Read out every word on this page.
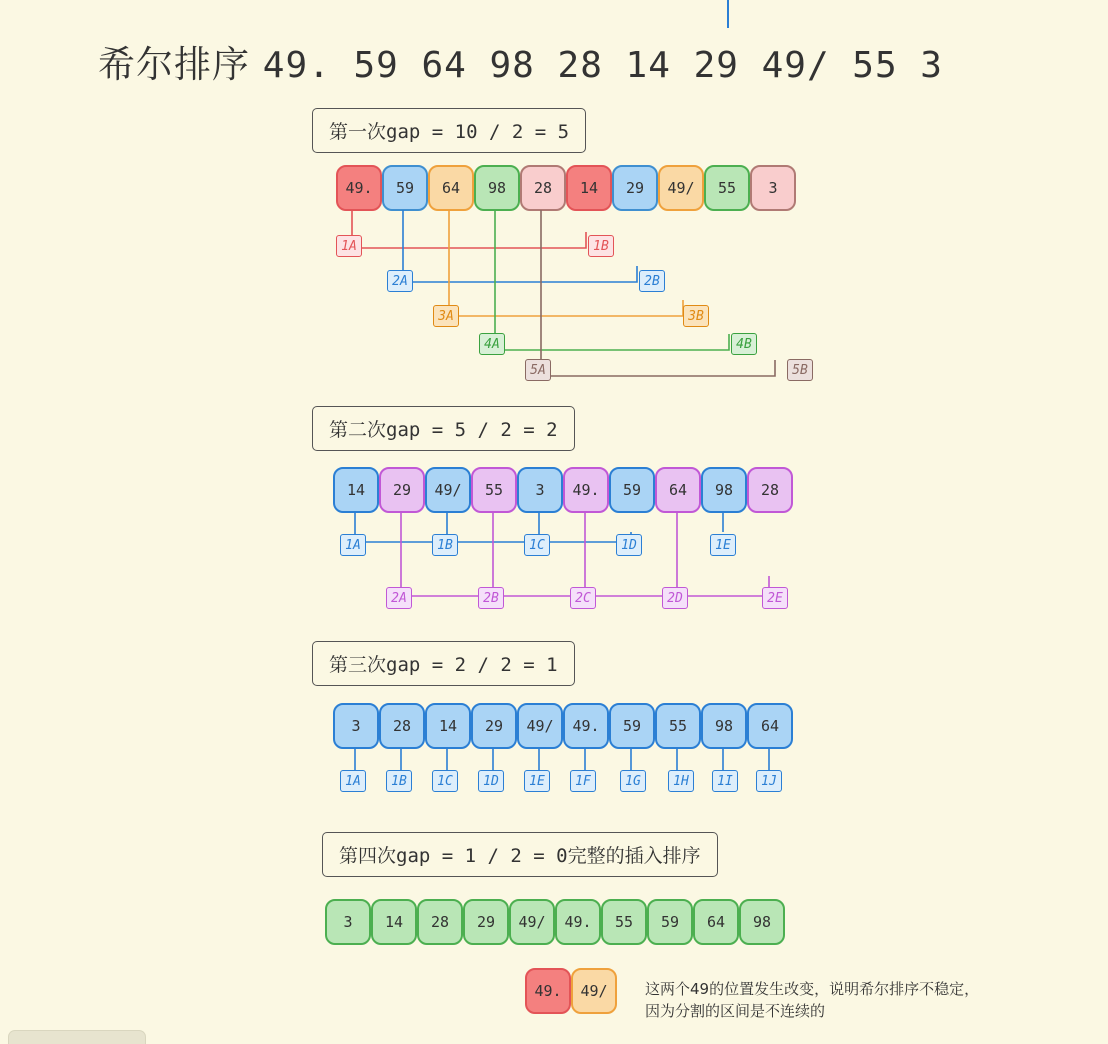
希尔排序 49. 59 64 98 28 14 29 49/ 55 3
第一次gap = 10 / 2 = 5
49.	59	64	98	28	14	29	49/	55	3
1A	1B
2A	2B
3A	3B
4A	4B
5A	5B
第二次gap = 5 / 2 = 2
14	29	49/	55	3	49.	59	64	98	28
1A	1B	1C	1D	1E
2A	2B	2C	2D	2E
第三次gap = 2 / 2 = 1
3	28	14	29	49/	49.	59	55	98	64
1A	1B	1C	1D	1E	1F	1G	1H	1I	1J
第四次gap = 1 / 2 = 0完整的插入排序
3	14	28	29	49/	49.	55	59	64	98
49.	49/	这两个49的位置发生改变，说明希尔排序不稳定，
因为分割的区间是不连续的
